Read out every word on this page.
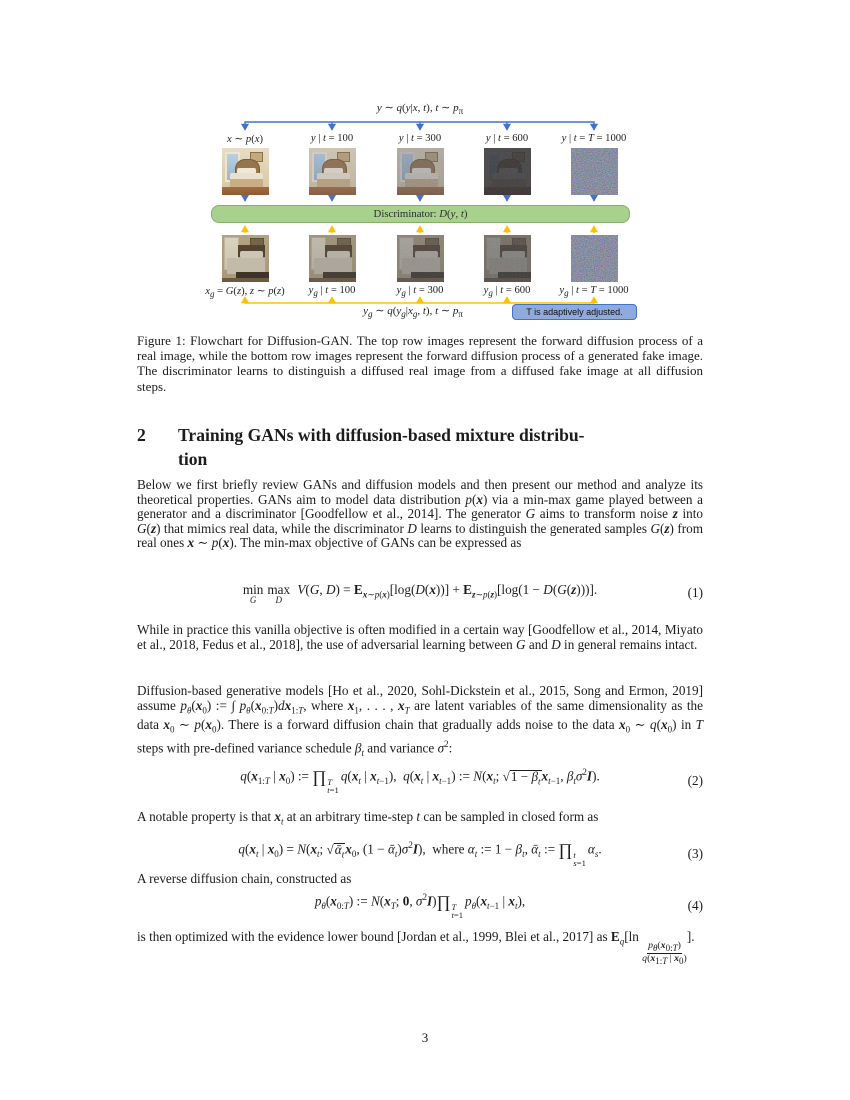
y ∼ q(y|x, t), t ∼ $p_\pi$
Discriminator: D(y, t)
$y_g$ ∼ $q(y_g|x_g$, t), t ∼ $p_\pi$	T is adaptively adjusted.
x ∼ p(x)	y | t = 100	y | t = 300	y | t = 600	y | t = T = 1000
$x_g = G(z)$, z ∼ p(z) $y_g$ | t = 100	$y_g$ | t = 300	$y_g$ | t = 600	$y_g$ | t = T = 1000
Figure 1: Flowchart for Diffusion-GAN. The top row images represent the forward diffusion process of a real image, while the bottom row images represent the forward diffusion process of a generated fake image. The discriminator learns to distinguish a diffused real image from a diffused fake image at all diffusion steps.
2	Training GANs with diffusion-based mixture distribu-
tion
Below we first briefly review GANs and diffusion models and then present our method and analyze its theoretical properties. GANs aim to model data distribution p(x) via a min-max game played between a generator and a discriminator [Goodfellow et al., 2014]. The generator G aims to transform noise z into G(z) that mimics real data, while the discriminator D learns to distinguish the generated samples G(z) from real ones x ∼ p(x). The min-max objective of GANs can be expressed as
min
G
max
D
V(G, $D) = E_{x\sim p(x)}[\log(D(x))] + E_{z\sim p(z)}[\log(1 - D(G(z)))]$.	(1)
While in practice this vanilla objective is often modified in a certain way [Goodfellow et al., 2014, Miyato et al., 2018, Fedus et al., 2018], the use of adversarial learning between G and D in general remains intact.
Diffusion-based generative models [Ho et al., 2020, Sohl-Dickstein et al., 2015, Song and Ermon, 2019] assume $p_\theta(x_0)$ := ∫ $p_\theta(x_{0:T})dx_{1:T}$, where $x_1$, . . . , $x_T$ are latent variables of the same dimensionality as the data $x_0$ ∼ $p(x_0)$. There is a forward diffusion chain that gradually adds noise to the data $x_0$ ∼ $q(x_0)$ in T steps with pre-defined variance schedule $\beta_t$ and variance $\sigma^2$:
$q(x_{1:T}$ | $x_0$) := ∏ T
t=1
$q(x_t$ | $x_{t-1}$), $q(x_t$ | $x_{t-1}$) := $N(x_t$; $√1 - \beta_tx_{t-1}$, $\beta_t\sigma^2I$).	(2)
A notable property is that $x_t$ at an arbitrary time-step t can be sampled in closed form as
$q(x_t$ | $x_0) = N(x_t$; $√ᾱ_tx_0$, $(1 - ᾱ_t)\sigma^2I$), where $\alpha_t$ := $1 - \beta_t$, ᾱ$_t$ := ∏ t
s=1
$\alpha_s$.	(3)
A reverse diffusion chain, constructed as
$p_\theta(x_{0:T})$ := $N(x_T$; 0, $\sigma^2I)\prod$ T
t=1
$p_\theta(x_{t-1}$ | $x_t$),	(4)
is then optimized with the evidence lower bound [Jordan et al., 1999, Blei et al., 2017] as $E_q[\ln$
$\frac{p_\theta(x_{0:T})}{q(x_{1:T} | x_0)}$
].
3
